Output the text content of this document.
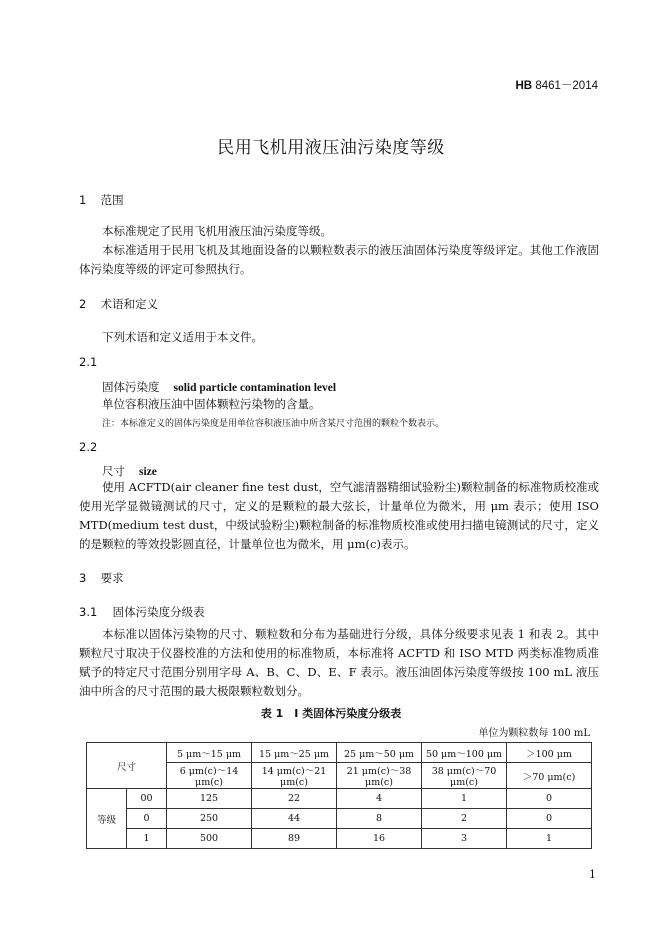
HB 8461－2014
民用飞机用液压油污染度等级
1 范围

本标准规定了民用飞机用液压油污染度等级。

本标准适用于民用飞机及其地面设备的以颗粒数表示的液压油固体污染度等级评定。其他工作液固体污染度等级的评定可参照执行。

2 术语和定义

下列术语和定义适用于本文件。

2.1
固体污染度 solid particle contamination level

单位容积液压油中固体颗粒污染物的含量。

注：本标准定义的固体污染度是用单位容积液压油中所含某尺寸范围的颗粒个数表示。
2.2
尺寸 size

使用 ACFTD(air cleaner fine test dust，空气滤清器精细试验粉尘)颗粒制备的标准物质校准或使用光学显微镜测试的尺寸，定义的是颗粒的最大弦长，计量单位为微米，用 μm 表示；使用 ISO MTD(medium test dust，中级试验粉尘)颗粒制备的标准物质校准或使用扫描电镜测试的尺寸，定义的是颗粒的等效投影圆直径，计量单位也为微米，用 μm(c)表示。

3 要求
3.1 固体污染度分级表

本标准以固体污染物的尺寸、颗粒数和分布为基础进行分级，具体分级要求见表 1 和表 2。其中颗粒尺寸取决于仪器校准的方法和使用的标准物质，本标准将 ACFTD 和 ISO MTD 两类标准物质准赋予的特定尺寸范围分别用字母 A、B、C、D、E、F 表示。液压油固体污染度等级按 100 mL 液压油中所含的尺寸范围的最大极限颗粒数划分。

表 1　I 类固体污染度分级表
单位为颗粒数每 100 mL
尺寸		5 μm～15 μm	15 μm～25 μm	25 μm～50 μm	50 μm～100 μm	＞100 μm
		6 μm(c)～14 μm(c)	14 μm(c)～21 μm(c)	21 μm(c)～38 μm(c)	38 μm(c)～70 μm(c)	＞70 μm(c)
等级	00	125	22	4	1	0
	0	250	44	8	2	0
	1	500	89	16	3	1
1
